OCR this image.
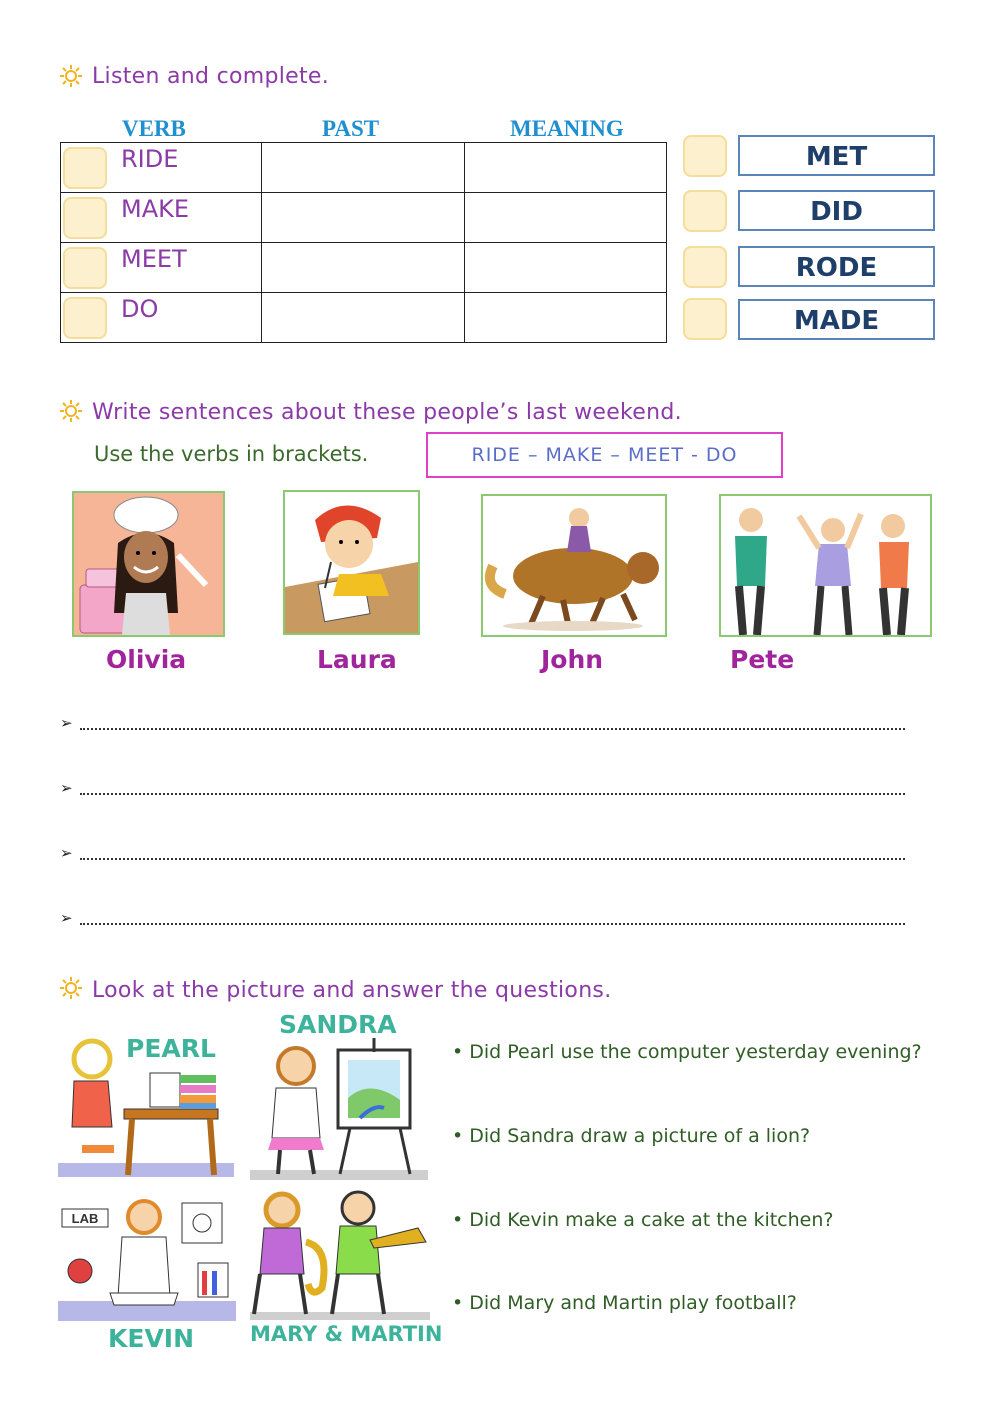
Listen and complete.
VERB	PAST	MEANING
RIDE		

MAKE		

MEET		

DO		

MET
DID
RODE
MADE
Write sentences about these people’s last weekend.
Use the verbs in brackets.	RIDE – MAKE – MEET - DO
Olivia	Laura	John	Pete
➢
➢
➢
➢
Look at the picture and answer the questions.
PEARL
SANDRA
LAB
KEVIN	MARY & MARTIN
• Did Pearl use the computer yesterday evening?
• Did Sandra draw a picture of a lion?
• Did Kevin make a cake at the kitchen?
• Did Mary and Martin play football?
